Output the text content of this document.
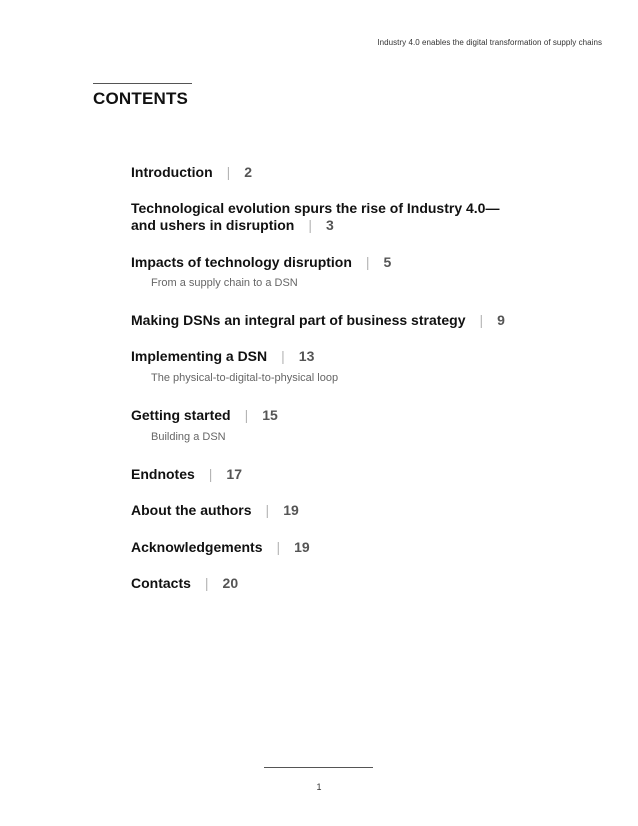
Industry 4.0 enables the digital transformation of supply chains
CONTENTS
Introduction | 2
Technological evolution spurs the rise of Industry 4.0—
and ushers in disruption | 3
Impacts of technology disruption | 5
From a supply chain to a DSN
Making DSNs an integral part of business strategy | 9
Implementing a DSN | 13
The physical-to-digital-to-physical loop
Getting started | 15
Building a DSN
Endnotes | 17
About the authors | 19
Acknowledgements | 19
Contacts | 20
1
